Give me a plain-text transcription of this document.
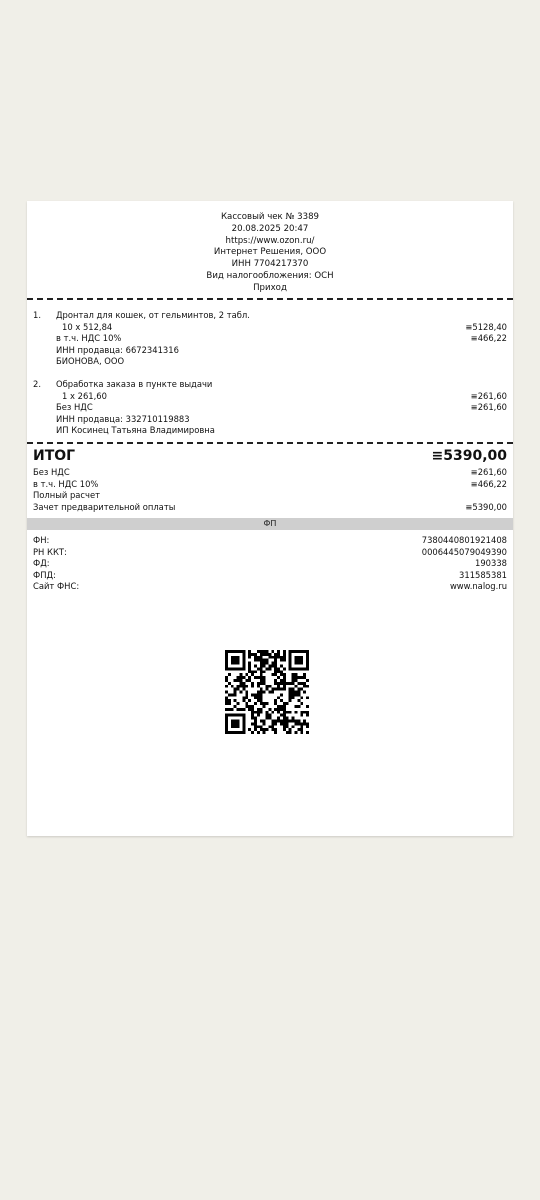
Кассовый чек № 3389
20.08.2025 20:47
https://www.ozon.ru/
Интернет Решения, ООО
ИНН 7704217370
Вид налогообложения: ОСН
Приход
1. Дронтал для кошек, от гельминтов, 2 табл.
10 x 512,84	≡5128,40
в т.ч. НДС 10%	≡466,22
ИНН продавца: 6672341316
БИОНОВА, ООО
2. Обработка заказа в пункте выдачи
1 x 261,60	≡261,60
Без НДС	≡261,60
ИНН продавца: 332710119883
ИП Косинец Татьяна Владимировна
ИТОГ	≡5390,00
Без НДС	≡261,60
в т.ч. НДС 10%	≡466,22
Полный расчет
Зачет предварительной оплаты	≡5390,00
ФП
ФН:	7380440801921408
РН ККТ:	0006445079049390
ФД:	190338
ФПД:	311585381
Сайт ФНС:	www.nalog.ru
